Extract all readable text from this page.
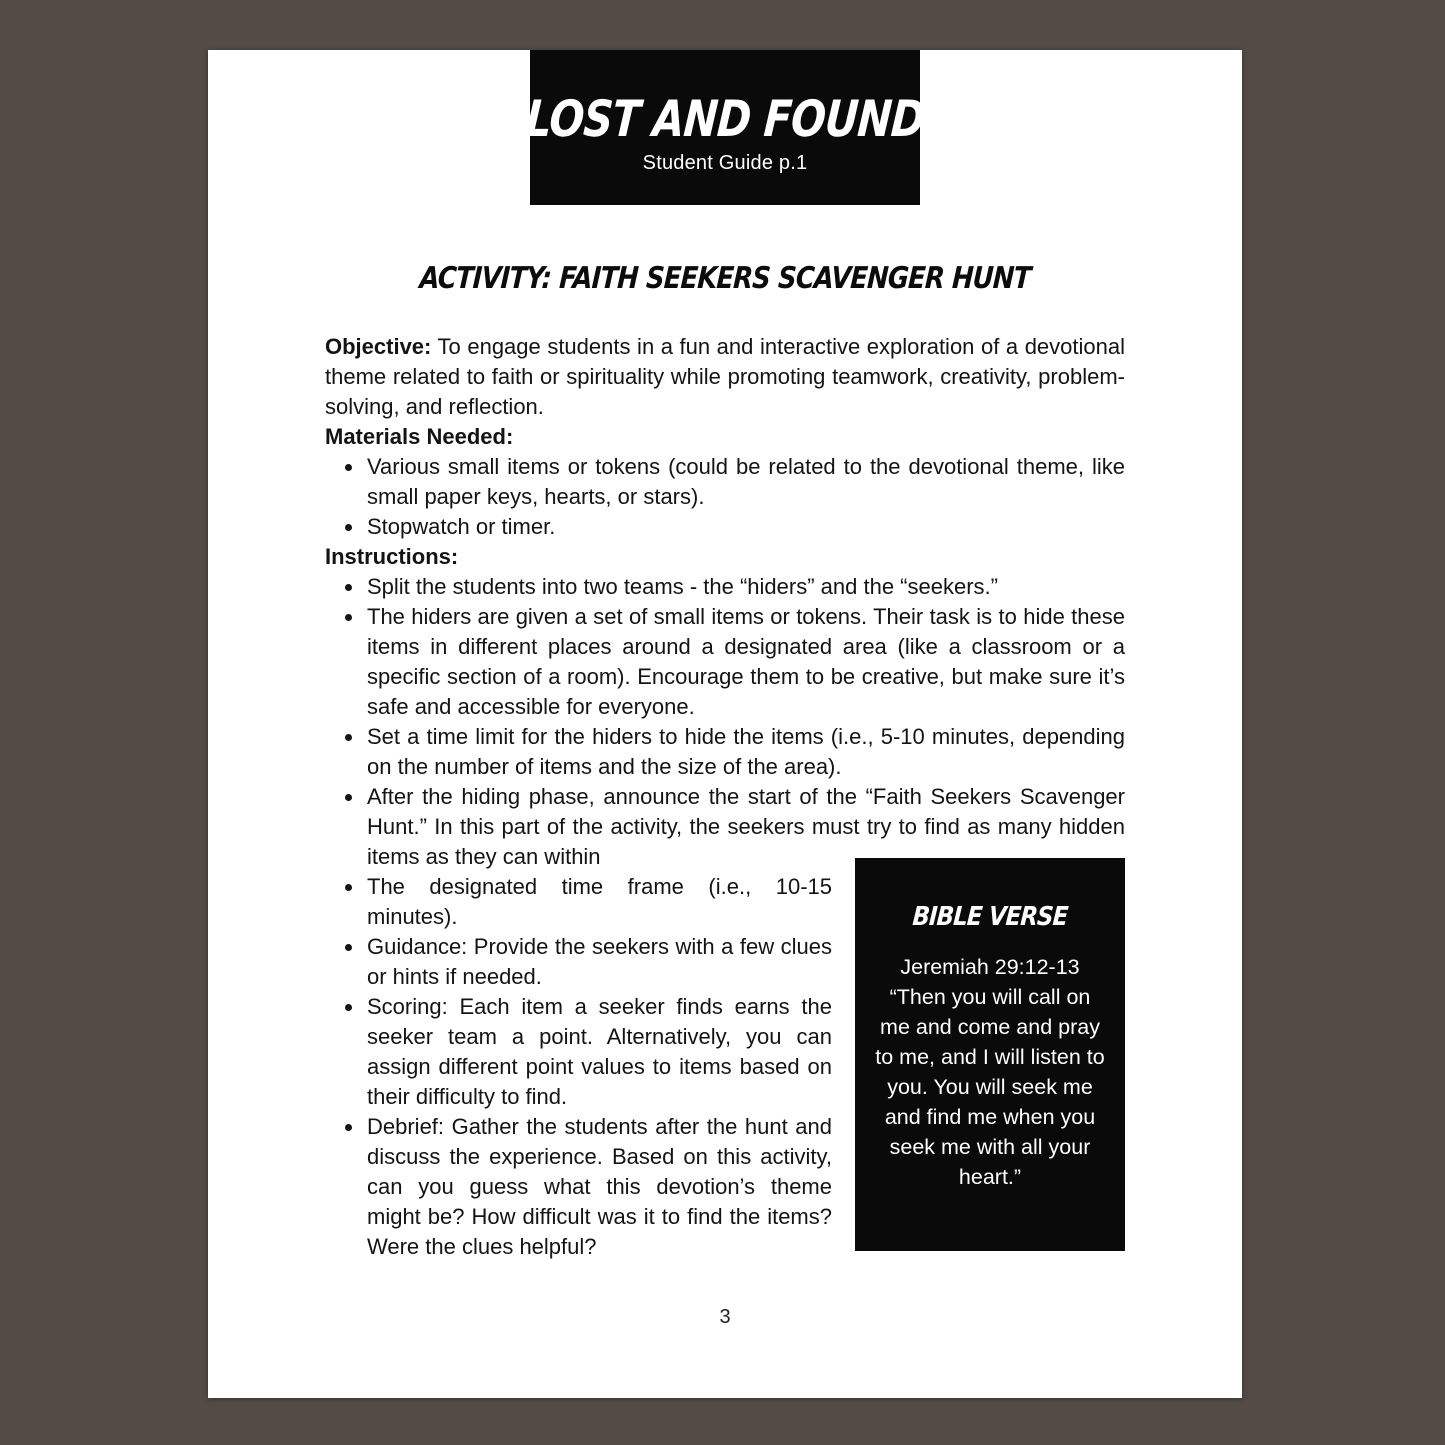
LOST AND FOUND
Student Guide p.1
ACTIVITY: FAITH SEEKERS SCAVENGER HUNT

Objective: To engage students in a fun and interactive exploration of a devotional theme related to faith or spirituality while promoting teamwork, creativity, problem-solving, and reflection.

Materials Needed:

• Various small items or tokens (could be related to the devotional theme, like small paper keys, hearts, or stars).
• Stopwatch or timer.

Instructions:

• Split the students into two teams - the “hiders” and the “seekers.”
• The hiders are given a set of small items or tokens. Their task is to hide these items in different places around a designated area (like a classroom or a specific section of a room). Encourage them to be creative, but make sure it’s safe and accessible for everyone.
• Set a time limit for the hiders to hide the items (i.e., 5-10 minutes, depending on the number of items and the size of the area).
• After the hiding phase, announce the start of the “Faith Seekers Scavenger Hunt.” In this part of the activity, the seekers must try to find as many hidden items as they can within
BIBLE VERSE

Jeremiah 29:12-13

“Then you will call on me and come and pray to me, and I will listen to you. You will seek me and find me when you seek me with all your heart.”

• The designated time frame (i.e., 10-15 minutes).
• Guidance: Provide the seekers with a few clues or hints if needed.
• Scoring: Each item a seeker finds earns the seeker team a point. Alternatively, you can assign different point values to items based on their difficulty to find.
• Debrief: Gather the students after the hunt and discuss the experience. Based on this activity, can you guess what this devotion’s theme might be? How difficult was it to find the items? Were the clues helpful?
3
